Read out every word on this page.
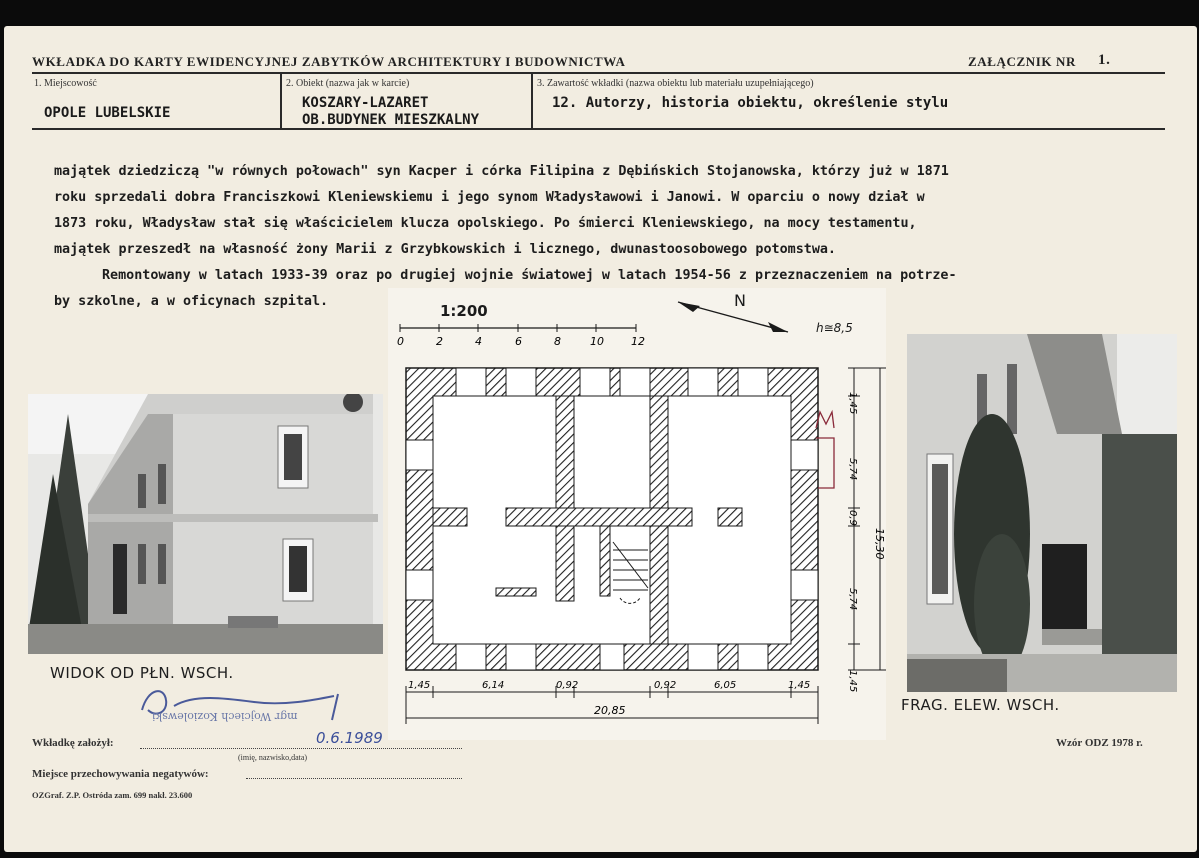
WKŁADKA DO KARTY EWIDENCYJNEJ ZABYTKÓW ARCHITEKTURY I BUDOWNICTWA	ZAŁĄCZNIK NR 1.
1. Miejscowość
OPOLE LUBELSKIE
2. Obiekt (nazwa jak w karcie)
KOSZARY-LAZARET
OB.BUDYNEK MIESZKALNY
3. Zawartość wkładki (nazwa obiektu lub materiału uzupełniającego)
12. Autorzy, historia obiektu, określenie stylu
majątek dziedziczą "w równych połowach" syn Kacper i córka Filipina z Dębińskich Stojanowska, którzy już w 1871
roku sprzedali dobra Franciszkowi Kleniewskiemu i jego synom Władysławowi i Janowi. W oparciu o nowy dział w
1873 roku, Władysław stał się właścicielem klucza opolskiego. Po śmierci Kleniewskiego, na mocy testamentu,
majątek przeszedł na własność żony Marii z Grzybkowskich i licznego, dwunastoosobowego potomstwa.
Remontowany w latach 1933-39 oraz po drugiej wojnie światowej w latach 1954-56 z przeznaczeniem na potrze-
by szkolne, a w oficynach szpital.
WIDOK OD PŁN. WSCH.
FRAG. ELEW. WSCH.
1:200
0	2	4	6	8	10 12
N
h≅8,5
1,45
5,74
0,9
5,74
1,45
15,30
1,45	6,14	0,92	0,92	6,05	1,45
20,85
mgr Wojciech Koziolewski
0.6.1989
Wkładkę założył:
(imię, nazwisko,data)
Wzór ODZ 1978 r.
Miejsce przechowywania negatywów:
OZGraf. Z.P. Ostróda zam. 699 nakł. 23.600
